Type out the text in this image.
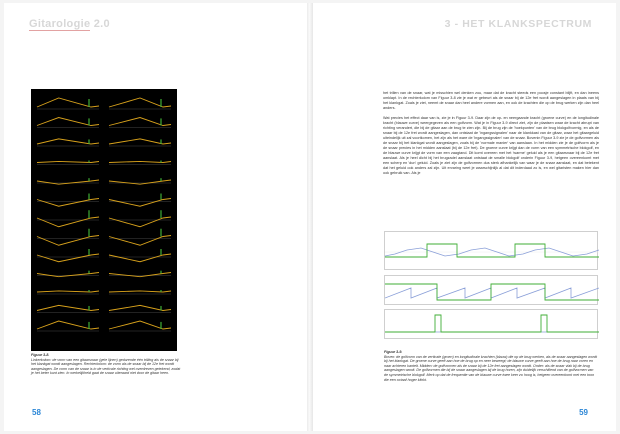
Gitarologie 2.0
Figuur 3-8.
Linkerkolom: de vorm van een gitaarsnaar (gele lijnen) gedurende één trilling als de snaar bij het klankgat wordt aangeslagen. Rechterkolom: de vorm als de snaar bij de 12e fret wordt aangeslagen. De vorm van de snaar is in de verticale richting wel overdreven getekend, zodat je het beter kunt zien. In werkelijkheid gaat de snaar uiteraard niet door de gitaar heen.
58
3 - HET KLANKSPECTRUM

het trillen van de snaar, wat je misschien wel denken zou, maar dat de kracht steeds een poosje constant blijft, en dan ineens omklapt. In de rechterkolom van Figuur 3-8 zie je wat er gebeurt als de snaar bij de 12e fret wordt aangeslagen in plaats van bij het klankgat. Zoals je ziet, neemt de snaar dan heel andere vormen aan, en ook de krachten die op de brug werken zijn dan heel anders.

Wat precies het effect daar van is, zie je in Figuur 3-9. Daar zijn de op- en neergaande kracht (groene curve) en de longitudinale kracht (blauwe curve) weergegeven als een golfvorm. Wat je in Figuur 3-9 direct ziet, zijn de plaatsen waar de kracht abrupt van richting verandert, die bij de gitaar aan de brug te zien zijn. Bij de brug zijn de 'hoekpunten' van de brug blokgolfvormig, en als de snaar bij de 12e fret wordt aangeslagen, dan ontstaat de 'ingangssignalen' naar de klankkast van de gitaar, waar het gitaargeluid uiteindelijk uit zal voortkomen, het zijn als het ware de 'ingangssignalen' van de snaar. Bovenin Figuur 3-9 zie je de golfvormen als de snaar bij het klankgat wordt aangeslagen, zoals bij de 'normale manier' van aanslaan. In het midden zie je de golfvorm als je de snaar precies in het midden aanslaat (bij de 12e fret). De groene curve krijgt dan de vorm van een symmetrische blokgolf, en de blauwe curve krijgt de vorm van een zaagtand. Dit komt overeen met het 'warme' geluid als je een gitaarsnaar bij de 12e fret aanslaat. Als je heel dicht bij het brugzadel aanslaat ontstaat de smalle blokgolf onderin Figuur 3-9, hetgeen overeenkomt met een scherp en 'dun' geluid. Zoals je ziet zijn de golfvormen dus sterk afhankelijk van waar je de snaar aanslaat, en dat betekent dat het geluid ook anders zal zijn. Uit ervaring weet je waarschijnlijk al dat dit inderdaad zo is, en wel gitaristen maken hier dan ook gebruik van. Als je

Figuur 3-9.
Boven: de golfvorm van de verticale (groen) en longitudinale krachten (blauw) die op de brug werken, als de snaar aangeslagen wordt bij het klankgat. De groene curve geeft aan hoe de brug op en neer beweegt; de blauwe curve geeft aan hoe de brug naar voren en naar achteren kantelt. Midden: de golfvormen als de snaar bij de 12e fret aangeslagen wordt. Onder: als de snaar vlak bij de brug aangeslagen wordt. De golfvormen die bij de snaar aangeslagen bij de brug horen, zijn duidelijk verschillend van de golfvormen van de symmetrische blokgolf. Merk op dat de frequentie van de blauwe curve twee keer zo hoog is, hetgeen overeenkomt met een toon die een octaaf hoger klinkt.
59
